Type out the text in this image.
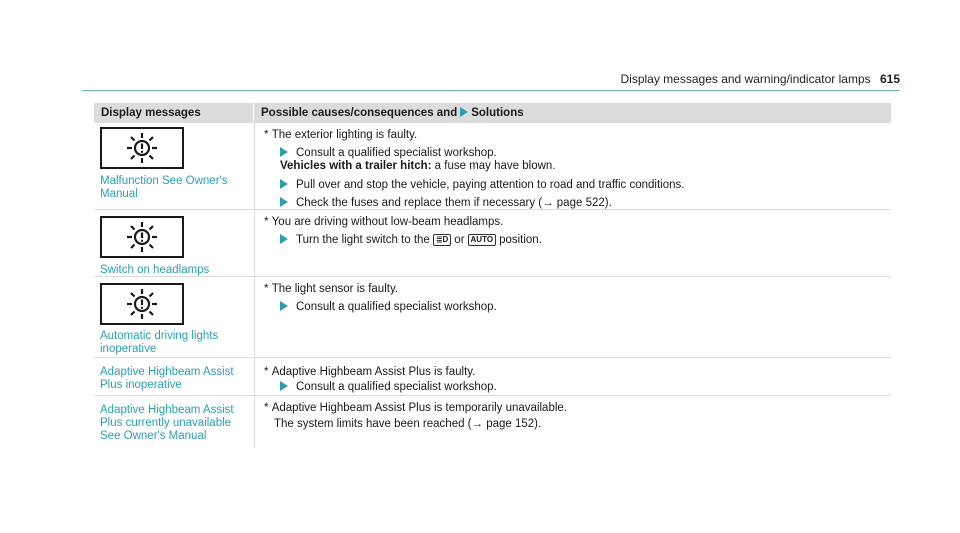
Display messages and warning/indicator lamps 615
Display messages	Possible causes/consequences and Solutions
Malfunction See Owner's Manual
* The exterior lighting is faulty.
Consult a qualified specialist workshop.
Vehicles with a trailer hitch: a fuse may have blown.
Pull over and stop the vehicle, paying attention to road and traffic conditions.
Check the fuses and replace them if necessary (→ page 522).
Switch on headlamps
* You are driving without low-beam headlamps.
Turn the light switch to the ≣D or AUTO position.
Automatic driving lights inoperative
* The light sensor is faulty.
Consult a qualified specialist workshop.
Adaptive Highbeam Assist Plus inoperative
* Adaptive Highbeam Assist Plus is faulty.
Consult a qualified specialist workshop.
Adaptive Highbeam Assist Plus currently unavailable See Owner's Manual
* Adaptive Highbeam Assist Plus is temporarily unavailable.
The system limits have been reached (→ page 152).
